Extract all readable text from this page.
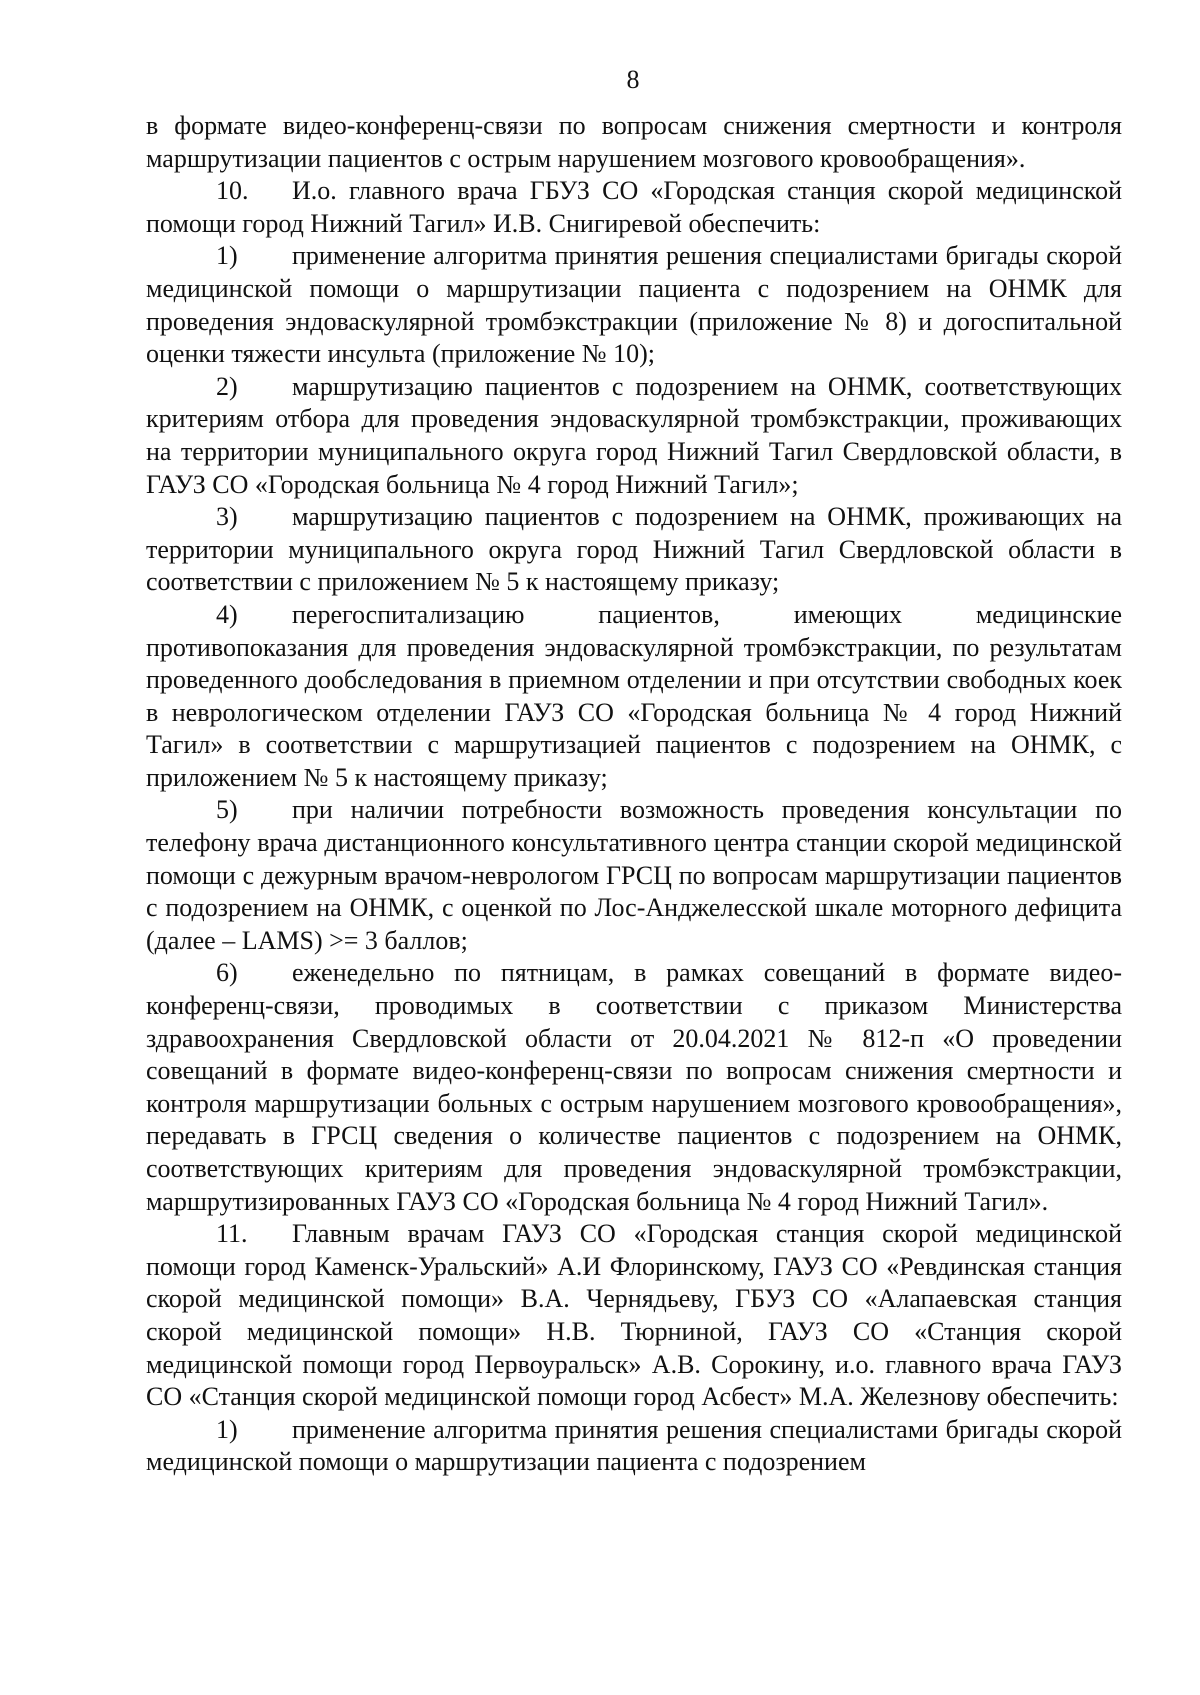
8

в формате видео-конференц-связи по вопросам снижения смертности и контроля маршрутизации пациентов с острым нарушением мозгового кровообращения».

10. И.о. главного врача ГБУЗ СО «Городская станция скорой медицинской помощи город Нижний Тагил» И.В. Снигиревой обеспечить:

1) применение алгоритма принятия решения специалистами бригады скорой медицинской помощи о маршрутизации пациента с подозрением на ОНМК для проведения эндоваскулярной тромбэкстракции (приложение № 8) и догоспитальной оценки тяжести инсульта (приложение № 10);

2) маршрутизацию пациентов с подозрением на ОНМК, соответствующих критериям отбора для проведения эндоваскулярной тромбэкстракции, проживающих на территории муниципального округа город Нижний Тагил Свердловской области, в ГАУЗ СО «Городская больница № 4 город Нижний Тагил»;

3) маршрутизацию пациентов с подозрением на ОНМК, проживающих на территории муниципального округа город Нижний Тагил Свердловской области в соответствии с приложением № 5 к настоящему приказу;

4) перегоспитализацию пациентов, имеющих медицинские противопоказания для проведения эндоваскулярной тромбэкстракции, по результатам проведенного дообследования в приемном отделении и при отсутствии свободных коек в неврологическом отделении ГАУЗ СО «Городская больница № 4 город Нижний Тагил» в соответствии с маршрутизацией пациентов с подозрением на ОНМК, с приложением № 5 к настоящему приказу;

5) при наличии потребности возможность проведения консультации по телефону врача дистанционного консультативного центра станции скорой медицинской помощи с дежурным врачом-неврологом ГРСЦ по вопросам маршрутизации пациентов с подозрением на ОНМК, с оценкой по Лос-Анджелесской шкале моторного дефицита (далее – LAMS) >= 3 баллов;

6) еженедельно по пятницам, в рамках совещаний в формате видео-конференц-связи, проводимых в соответствии с приказом Министерства здравоохранения Свердловской области от 20.04.2021 № 812-п «О проведении совещаний в формате видео-конференц-связи по вопросам снижения смертности и контроля маршрутизации больных с острым нарушением мозгового кровообращения», передавать в ГРСЦ сведения о количестве пациентов с подозрением на ОНМК, соответствующих критериям для проведения эндоваскулярной тромбэкстракции, маршрутизированных ГАУЗ СО «Городская больница № 4 город Нижний Тагил».

11. Главным врачам ГАУЗ СО «Городская станция скорой медицинской помощи город Каменск-Уральский» А.И Флоринскому, ГАУЗ СО «Ревдинская станция скорой медицинской помощи» В.А. Чернядьеву, ГБУЗ СО «Алапаевская станция скорой медицинской помощи» Н.В. Тюрниной, ГАУЗ СО «Станция скорой медицинской помощи город Первоуральск» А.В. Сорокину, и.о. главного врача ГАУЗ СО «Станция скорой медицинской помощи город Асбест» М.А. Железнову обеспечить:

1) применение алгоритма принятия решения специалистами бригады скорой медицинской помощи о маршрутизации пациента с подозрением
